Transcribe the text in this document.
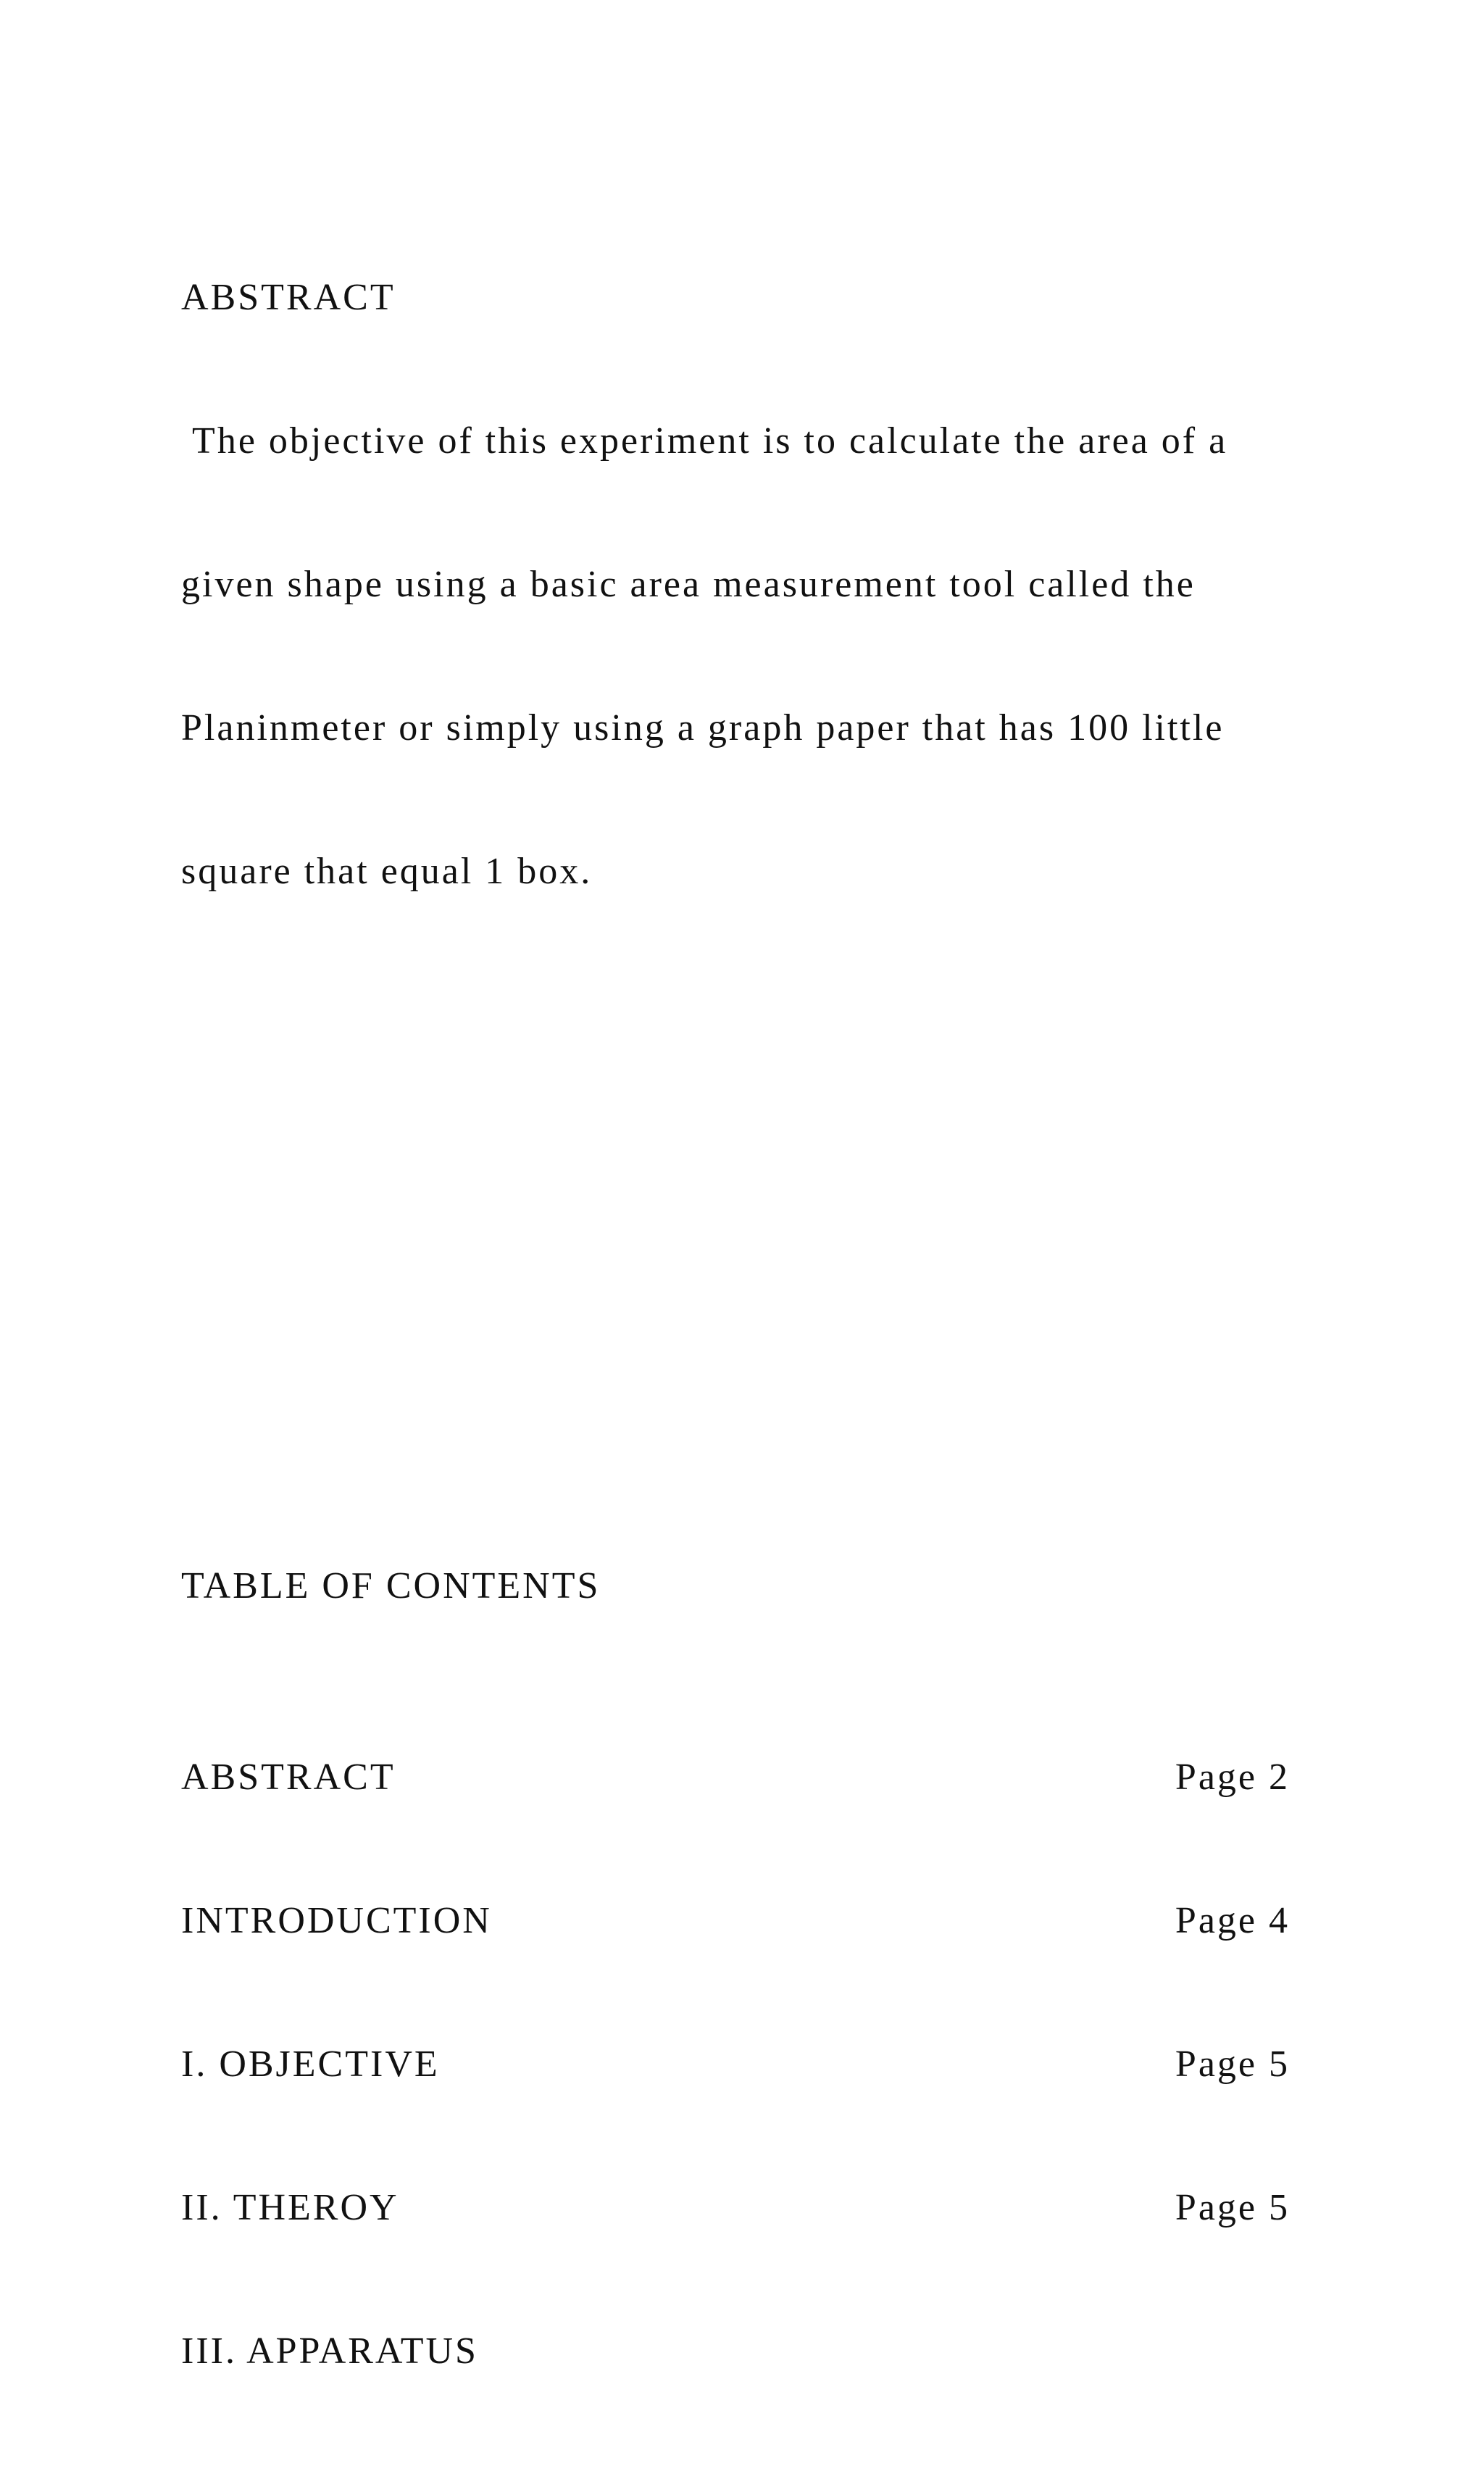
ABSTRACT

The objective of this experiment is to calculate the area of a

given shape using a basic area measurement tool called the

Planinmeter or simply using a graph paper that has 100 little

square that equal 1 box.

TABLE OF CONTENTS

ABSTRACT	Page 2

INTRODUCTION	Page 4

I. OBJECTIVE	Page 5

II. THEROY	Page 5

III. APPARATUS
